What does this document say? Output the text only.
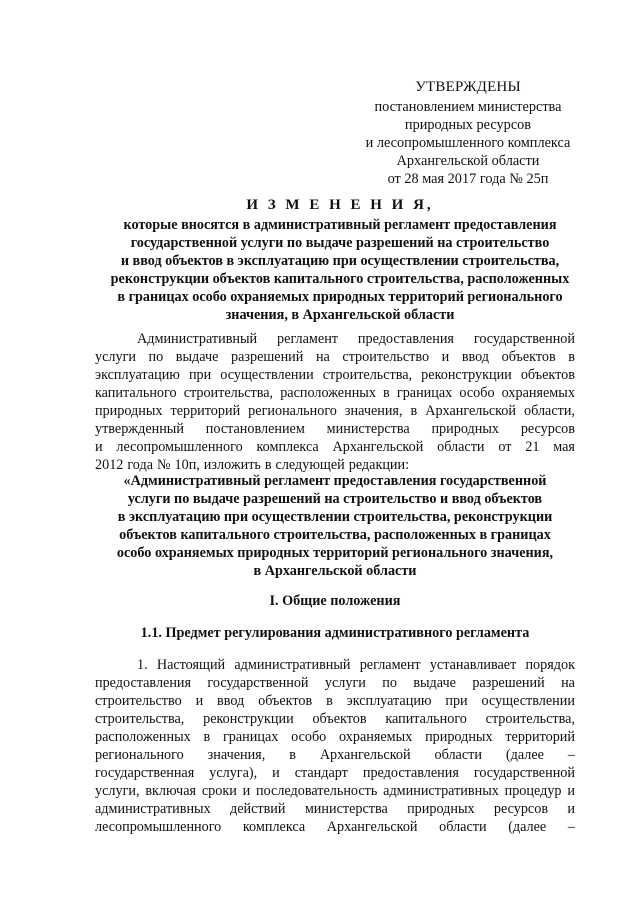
УТВЕРЖДЕНЫ
постановлением министерства
природных ресурсов
и лесопромышленного комплекса
Архангельской области
от 28 мая 2017 года № 25п
И З М Е Н Е Н И Я,
которые вносятся в административный регламент предоставления
государственной услуги по выдаче разрешений на строительство
и ввод объектов в эксплуатацию при осуществлении строительства,
реконструкции объектов капитального строительства, расположенных
в границах особо охраняемых природных территорий регионального
значения, в Архангельской области
Административный регламент предоставления государственной
услуги по выдаче разрешений на строительство и ввод объектов в
эксплуатацию при осуществлении строительства, реконструкции объектов
капитального строительства, расположенных в границах особо охраняемых
природных территорий регионального значения, в Архангельской области,
утвержденный постановлением министерства природных ресурсов
и лесопромышленного комплекса Архангельской области от 21 мая
2012 года № 10п, изложить в следующей редакции:
«Административный регламент предоставления государственной
услуги по выдаче разрешений на строительство и ввод объектов
в эксплуатацию при осуществлении строительства, реконструкции
объектов капитального строительства, расположенных в границах
особо охраняемых природных территорий регионального значения,
в Архангельской области
I. Общие положения
1.1. Предмет регулирования административного регламента
1. Настоящий административный регламент устанавливает порядок
предоставления государственной услуги по выдаче разрешений на
строительство и ввод объектов в эксплуатацию при осуществлении
строительства, реконструкции объектов капитального строительства,
расположенных в границах особо охраняемых природных территорий
регионального значения, в Архангельской области (далее –
государственная услуга), и стандарт предоставления государственной
услуги, включая сроки и последовательность административных процедур и
административных действий министерства природных ресурсов и
лесопромышленного комплекса Архангельской области (далее –
